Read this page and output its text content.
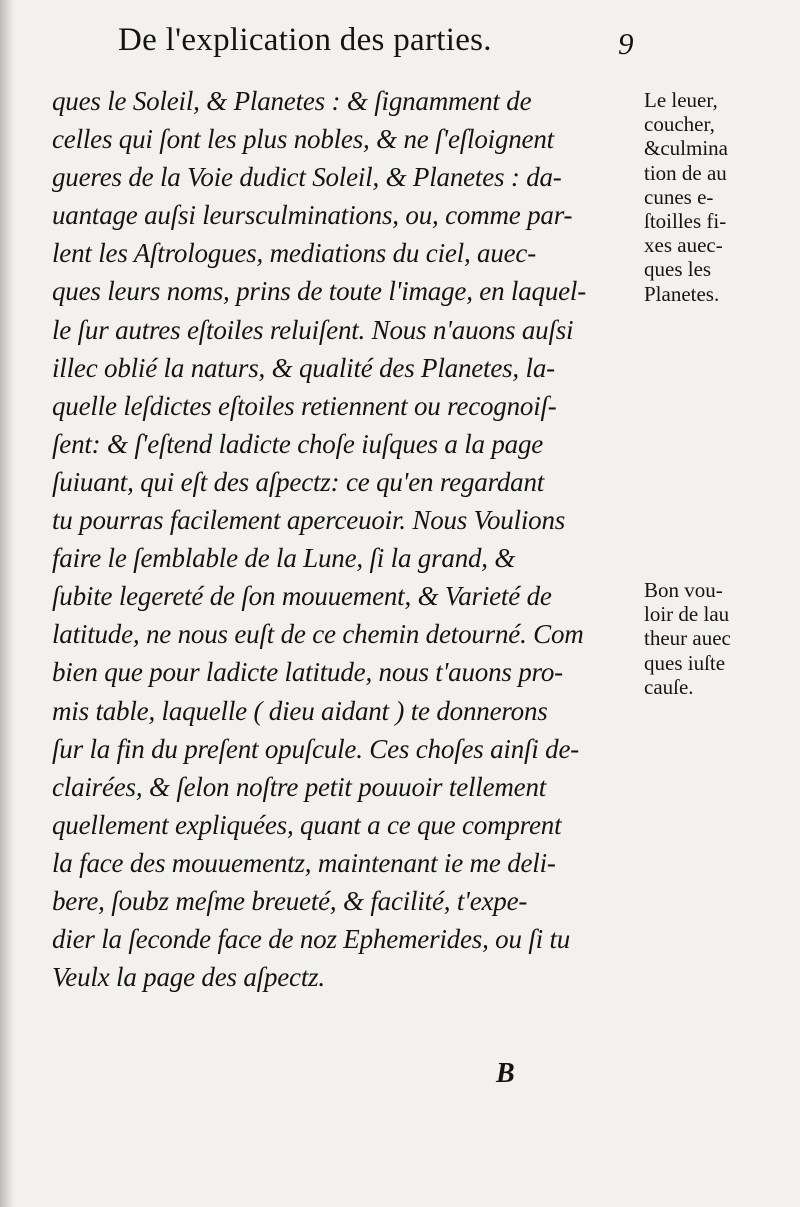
De l'explication des parties.	9
ques le Soleil, & Planetes : & ſignamment de
celles qui ſont les plus nobles, & ne ſ'eſloignent
gueres de la Voie dudict Soleil, & Planetes : da-
uantage auſsi leursculminations, ou, comme par-
lent les Aſtrologues, mediations du ciel, auec-
ques leurs noms, prins de toute l'image, en laquel-
le ſur autres eſtoiles reluiſent. Nous n'auons auſsi
illec oblié la naturs, & qualité des Planetes, la-
quelle leſdictes eſtoiles retiennent ou recognoiſ-
ſent: & ſ'eſtend ladicte choſe iuſques a la page
ſuiuant, qui eſt des aſpectz: ce qu'en regardant
tu pourras facilement aperceuoir. Nous Voulions
faire le ſemblable de la Lune, ſi la grand, &
ſubite legereté de ſon mouuement, & Varieté de
latitude, ne nous euſt de ce chemin detourné. Com
bien que pour ladicte latitude, nous t'auons pro-
mis table, laquelle ( dieu aidant ) te donnerons
ſur la fin du preſent opuſcule. Ces choſes ainſi de-
clairées, & ſelon noſtre petit pouuoir tellement
quellement expliquées, quant a ce que comprent
la face des mouuementz, maintenant ie me deli-
bere, ſoubz meſme breueté, & facilité, t'expe-
dier la ſeconde face de noz Ephemerides, ou ſi tu
Veulx la page des aſpectz.
B
Le leuer,
coucher,
&culmina
tion de au
cunes e-
ſtoilles fi-
xes auec-
ques les
Planetes.
Bon vou-
loir de lau
theur auec
ques iuſte
cauſe.
